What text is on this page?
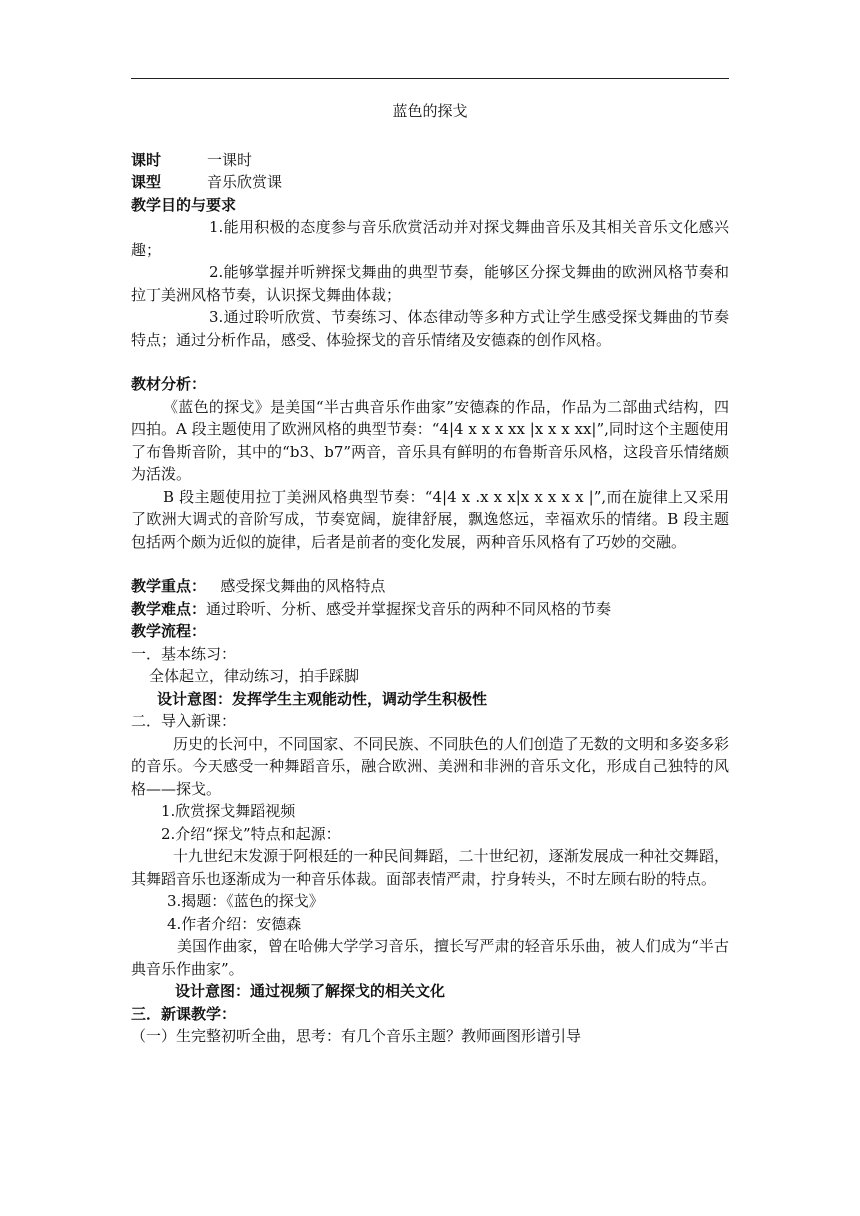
蓝色的探戈

课时	一课时

课型	音乐欣赏课

教学目的与要求

1.能用积极的态度参与音乐欣赏活动并对探戈舞曲音乐及其相关音乐文化感兴趣；

2.能够掌握并听辨探戈舞曲的典型节奏，能够区分探戈舞曲的欧洲风格节奏和拉丁美洲风格节奏，认识探戈舞曲体裁；

3.通过聆听欣赏、节奏练习、体态律动等多种方式让学生感受探戈舞曲的节奏特点；通过分析作品，感受、体验探戈的音乐情绪及安德森的创作风格。

教材分析：

《蓝色的探戈》是美国“半古典音乐作曲家”安德森的作品，作品为二部曲式结构，四四拍。A 段主题使用了欧洲风格的典型节奏：“4|4 x x x xx |x x x xx|”,同时这个主题使用了布鲁斯音阶，其中的“b3、b7”两音，音乐具有鲜明的布鲁斯音乐风格，这段音乐情绪颇为活泼。

B 段主题使用拉丁美洲风格典型节奏：“4|4 x .x x x|x x x x x |”,而在旋律上又采用了欧洲大调式的音阶写成，节奏宽阔，旋律舒展，飘逸悠远，幸福欢乐的情绪。B 段主题包括两个颇为近似的旋律，后者是前者的变化发展，两种音乐风格有了巧妙的交融。

教学重点： 感受探戈舞曲的风格特点

教学难点：通过聆听、分析、感受并掌握探戈音乐的两种不同风格的节奏

教学流程：

一．基本练习：

全体起立，律动练习，拍手踩脚

设计意图：发挥学生主观能动性，调动学生积极性

二．导入新课：

历史的长河中，不同国家、不同民族、不同肤色的人们创造了无数的文明和多姿多彩的音乐。今天感受一种舞蹈音乐，融合欧洲、美洲和非洲的音乐文化，形成自己独特的风格——探戈。

1.欣赏探戈舞蹈视频

2.介绍“探戈”特点和起源：

十九世纪末发源于阿根廷的一种民间舞蹈，二十世纪初，逐渐发展成一种社交舞蹈，其舞蹈音乐也逐渐成为一种音乐体裁。面部表情严肃，拧身转头，不时左顾右盼的特点。

3.揭题：《蓝色的探戈》

4.作者介绍：安德森

美国作曲家，曾在哈佛大学学习音乐，擅长写严肃的轻音乐乐曲，被人们成为“半古典音乐作曲家”。

设计意图：通过视频了解探戈的相关文化

三．新课教学：

（一）生完整初听全曲，思考：有几个音乐主题？教师画图形谱引导
